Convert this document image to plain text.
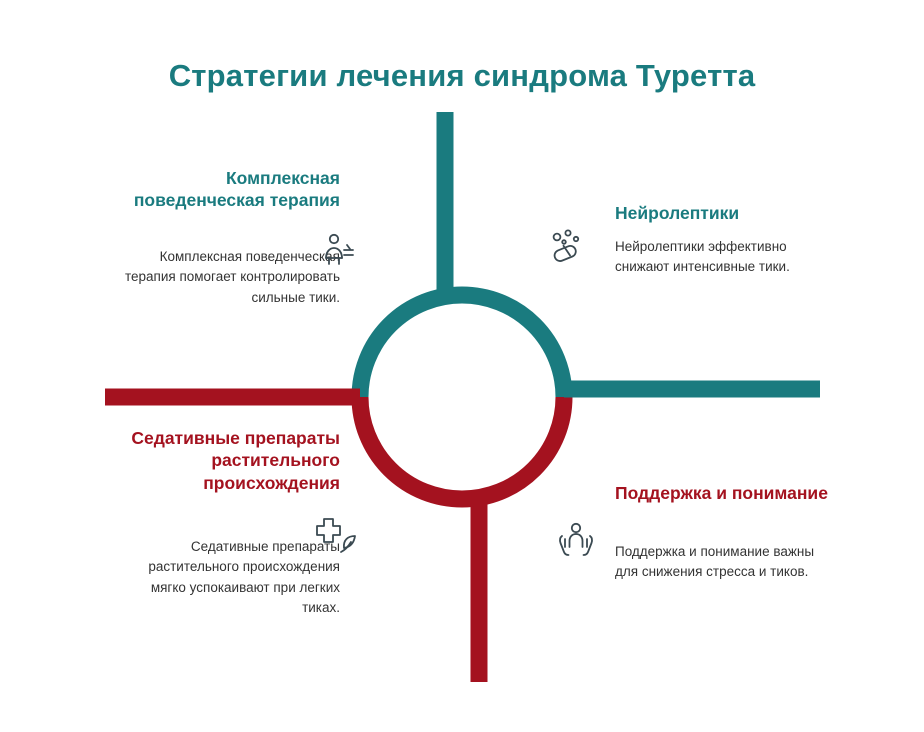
Стратегии лечения синдрома Туретта
Комплексная поведенческая терапия
Комплексная поведенческая терапия помогает контролировать сильные тики.
Нейролептики
Нейролептики эффективно снижают интенсивные тики.
Седативные препараты растительного происхождения
Седативные препараты растительного происхождения мягко успокаивают при легких тиках.
Поддержка и понимание
Поддержка и понимание важны для снижения стресса и тиков.
